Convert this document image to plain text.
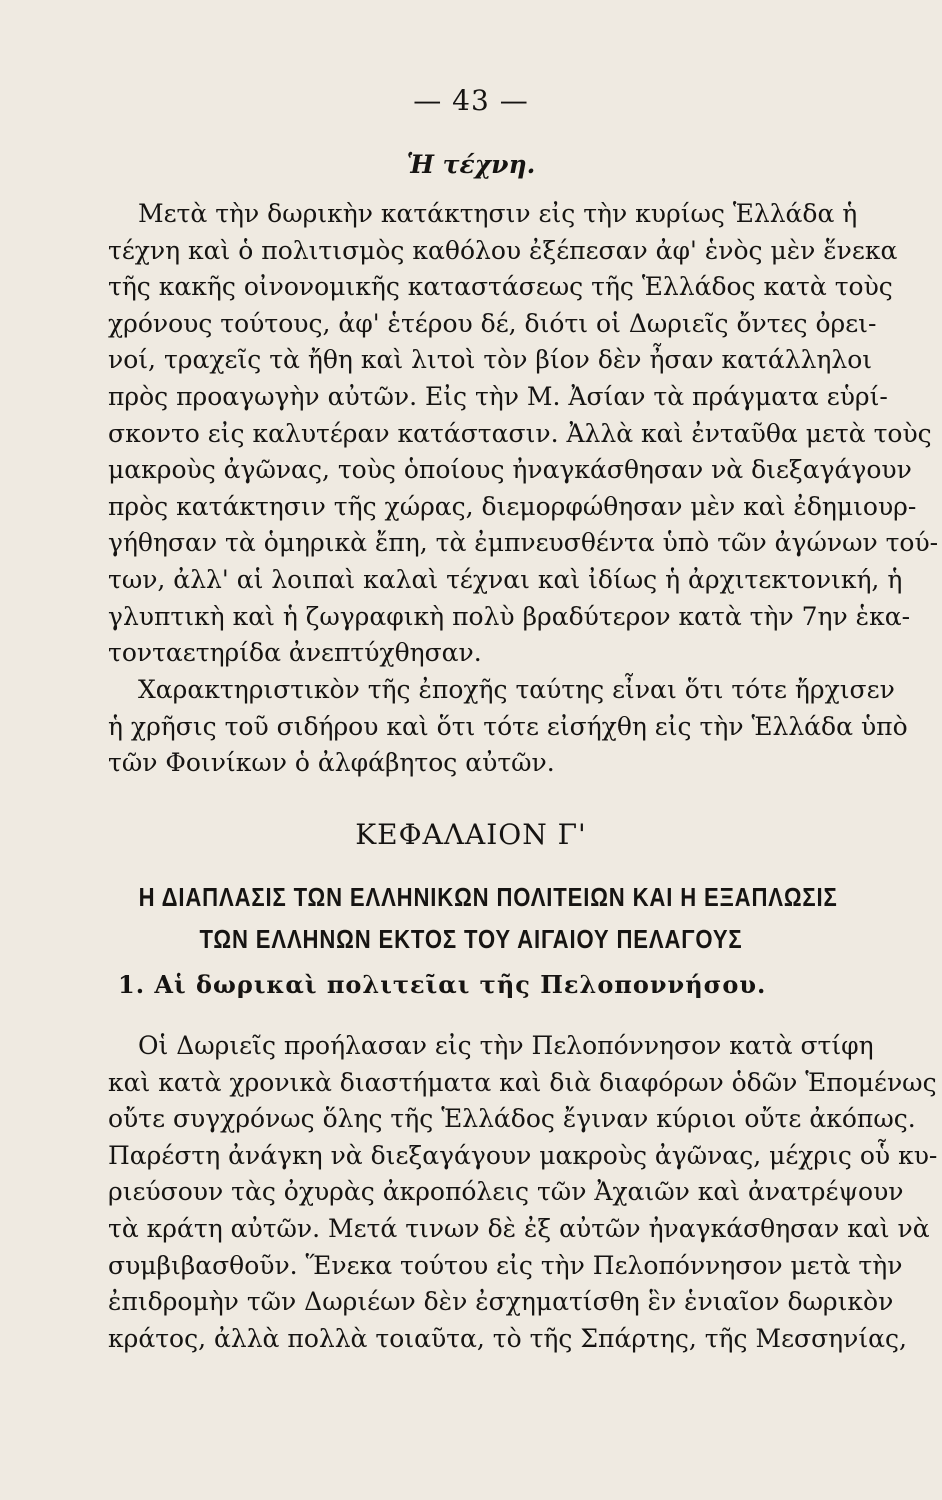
— 43 —
Ἡ τέχνη.
Μετὰ τὴν δωρικὴν κατάκτησιν εἰς τὴν κυρίως Ἑλλάδα ἡ
τέχνη καὶ ὁ πολιτισμὸς καθόλου ἐξέπεσαν ἀφ' ἑνὸς μὲν ἕνεκα
τῆς κακῆς οἰνονομικῆς καταστάσεως τῆς Ἑλλάδος κατὰ τοὺς
χρόνους τούτους, ἀφ' ἑτέρου δέ, διότι οἱ Δωριεῖς ὄντες ὀρει-
νοί, τραχεῖς τὰ ἤθη καὶ λιτοὶ τὸν βίον δὲν ἦσαν κατάλληλοι
πρὸς προαγωγὴν αὐτῶν. Εἰς τὴν Μ. Ἀσίαν τὰ πράγματα εὑρί-
σκοντο εἰς καλυτέραν κατάστασιν. Ἀλλὰ καὶ ἐνταῦθα μετὰ τοὺς
μακροὺς ἀγῶνας, τοὺς ὁποίους ἠναγκάσθησαν νὰ διεξαγάγουν
πρὸς κατάκτησιν τῆς χώρας, διεμορφώθησαν μὲν καὶ ἐδημιουρ-
γήθησαν τὰ ὁμηρικὰ ἔπη, τὰ ἐμπνευσθέντα ὑπὸ τῶν ἀγώνων τού-
των, ἀλλ' αἱ λοιπαὶ καλαὶ τέχναι καὶ ἰδίως ἡ ἀρχιτεκτονική, ἡ
γλυπτικὴ καὶ ἡ ζωγραφικὴ πολὺ βραδύτερον κατὰ τὴν 7ην ἑκα-
τονταετηρίδα ἀνεπτύχθησαν.
Χαρακτηριστικὸν τῆς ἐποχῆς ταύτης εἶναι ὅτι τότε ἤρχισεν
ἡ χρῆσις τοῦ σιδήρου καὶ ὅτι τότε εἰσήχθη εἰς τὴν Ἑλλάδα ὑπὸ
τῶν Φοινίκων ὁ ἀλφάβητος αὐτῶν.
ΚΕΦΑΛΑΙΟΝ Γ'
Η ΔΙΑΠΛΑΣΙΣ ΤΩΝ ΕΛΛΗΝΙΚΩΝ ΠΟΛΙΤΕΙΩΝ ΚΑΙ Η ΕΞΑΠΛΩΣΙΣ
ΤΩΝ ΕΛΛΗΝΩΝ ΕΚΤΟΣ ΤΟΥ ΑΙΓΑΙΟΥ ΠΕΛΑΓΟΥΣ
1. Αἱ δωρικαὶ πολιτεῖαι τῆς Πελοποννήσου.
Οἱ Δωριεῖς προήλασαν εἰς τὴν Πελοπόννησον κατὰ στίφη
καὶ κατὰ χρονικὰ διαστήματα καὶ διὰ διαφόρων ὁδῶν Ἑπομένως
οὔτε συγχρόνως ὅλης τῆς Ἑλλάδος ἔγιναν κύριοι οὔτε ἀκόπως.
Παρέστη ἀνάγκη νὰ διεξαγάγουν μακροὺς ἀγῶνας, μέχρις οὗ κυ-
ριεύσουν τὰς ὀχυρὰς ἀκροπόλεις τῶν Ἀχαιῶν καὶ ἀνατρέψουν
τὰ κράτη αὐτῶν. Μετά τινων δὲ ἐξ αὐτῶν ἠναγκάσθησαν καὶ νὰ
συμβιβασθοῦν. Ἕνεκα τούτου εἰς τὴν Πελοπόννησον μετὰ τὴν
ἐπιδρομὴν τῶν Δωριέων δὲν ἐσχηματίσθη ἓν ἑνιαῖον δωρικὸν
κράτος, ἀλλὰ πολλὰ τοιαῦτα, τὸ τῆς Σπάρτης, τῆς Μεσσηνίας,
